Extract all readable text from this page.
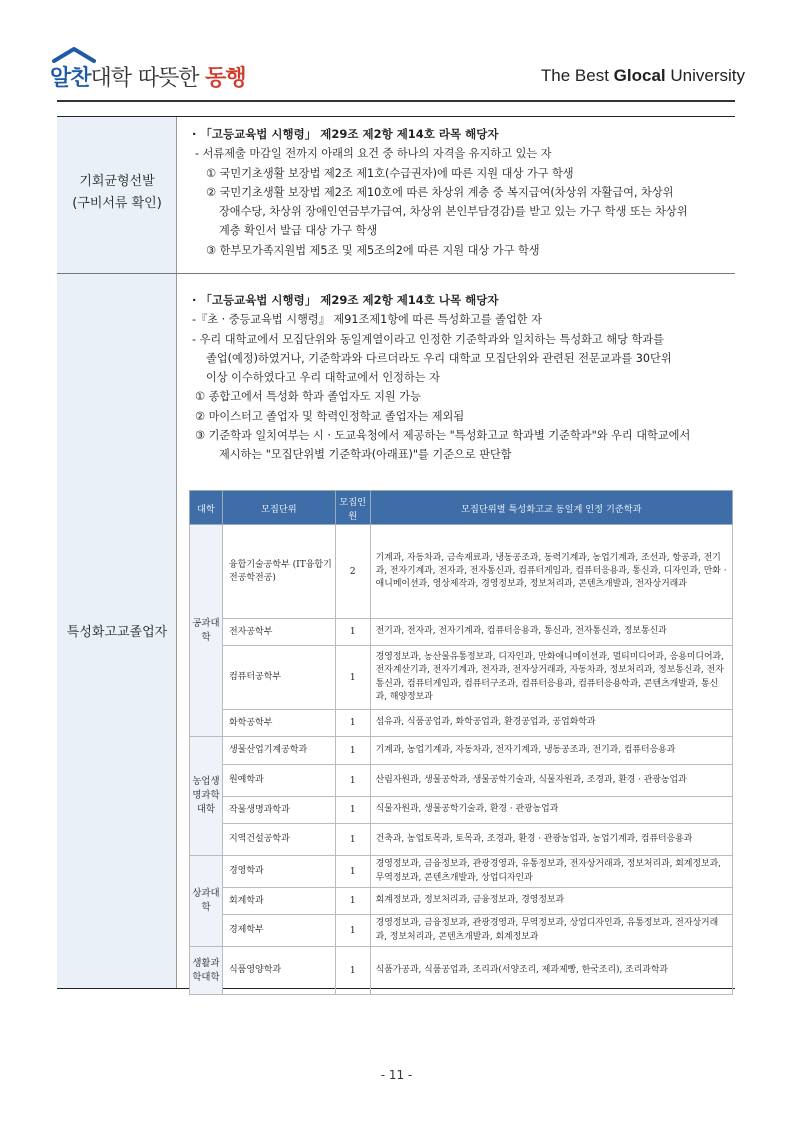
알찬대학 따뜻한 동행	The Best Glocal University
기회균형선발
(구비서류 확인)
특성화고교졸업자
· 「고등교육법 시행령」 제29조 제2항 제14호 라목 해당자
- 서류제출 마감일 전까지 아래의 요건 중 하나의 자격을 유지하고 있는 자
① 국민기초생활 보장법 제2조 제1호(수급권자)에 따른 지원 대상 가구 학생
② 국민기초생활 보장법 제2조 제10호에 따른 차상위 계층 중 복지급여(차상위 자활급여, 차상위
장애수당, 차상위 장애인연금부가급여, 차상위 본인부담경감)를 받고 있는 가구 학생 또는 차상위
계층 확인서 발급 대상 가구 학생
③ 한부모가족지원법 제5조 및 제5조의2에 따른 지원 대상 가구 학생
· 「고등교육법 시행령」 제29조 제2항 제14호 나목 해당자
-『초 · 중등교육법 시행령』 제91조제1항에 따른 특성화고를 졸업한 자
- 우리 대학교에서 모집단위와 동일계열이라고 인정한 기준학과와 일치하는 특성화고 해당 학과를
졸업(예정)하였거나, 기준학과와 다르더라도 우리 대학교 모집단위와 관련된 전문교과를 30단위
이상 이수하였다고 우리 대학교에서 인정하는 자
① 종합고에서 특성화 학과 졸업자도 지원 가능
② 마이스터고 졸업자 및 학력인정학교 졸업자는 제외됨
③ 기준학과 일치여부는 시 · 도교육청에서 제공하는 "특성화고교 학과별 기준학과"와 우리 대학교에서
제시하는 "모집단위별 기준학과(아래표)"를 기준으로 판단함
대학	모집단위	모집인원	모집단위별 특성화고교 동일계 인정 기준학과
공과대학	융합기술공학부 (IT융합기전공학전공)	2	기계과, 자동차과, 금속재료과, 냉동공조과, 동력기계과, 농업기계과, 조선과, 항공과, 전기과, 전자기계과, 전자과, 전자통신과, 컴퓨터게임과, 컴퓨터응용과, 통신과, 디자인과, 만화 · 애니메이션과, 영상제작과, 경영정보과, 정보처리과, 콘텐츠개발과, 전자상거래과
	전자공학부	1	전기과, 전자과, 전자기계과, 컴퓨터응용과, 통신과, 전자통신과, 정보통신과
	컴퓨터공학부	1	경영정보과, 농산물유통정보과, 디자인과, 만화애니메이션과, 멀티미디어과, 응용미디어과, 전자계산기과, 전자기계과, 전자과, 전자상거래과, 자동차과, 정보처리과, 정보통신과, 전자통신과, 컴퓨터게임과, 컴퓨터구조과, 컴퓨터응용과, 컴퓨터응용학과, 콘텐츠개발과, 통신과, 해양정보과
	화학공학부	1	섬유과, 식품공업과, 화학공업과, 환경공업과, 공업화학과
농업생명과학대학	생물산업기계공학과	1	기계과, 농업기계과, 자동차과, 전자기계과, 냉동공조과, 전기과, 컴퓨터응용과
	원예학과	1	산림자원과, 생물공학과, 생물공학기술과, 식물자원과, 조경과, 환경 · 관광농업과
	작물생명과학과	1	식물자원과, 생물공학기술과, 환경 · 관광농업과
	지역건설공학과	1	건축과, 농업토목과, 토목과, 조경과, 환경 · 관광농업과, 농업기계과, 컴퓨터응용과
상과대학	경영학과	1	경영정보과, 금융정보과, 관광경영과, 유통정보과, 전자상거래과, 정보처리과, 회계정보과, 무역정보과, 콘텐츠개발과, 상업디자인과
	회계학과	1	회계정보과, 정보처리과, 금융정보과, 경영정보과
	경제학부	1	경영정보과, 금융정보과, 관광경영과, 무역정보과, 상업디자인과, 유통정보과, 전자상거래과, 정보처리과, 콘텐츠개발과, 회계정보과
생활과학대학	식품영양학과	1	식품가공과, 식품공업과, 조리과(서양조리, 제과제빵, 한국조리), 조리과학과
- 11 -
